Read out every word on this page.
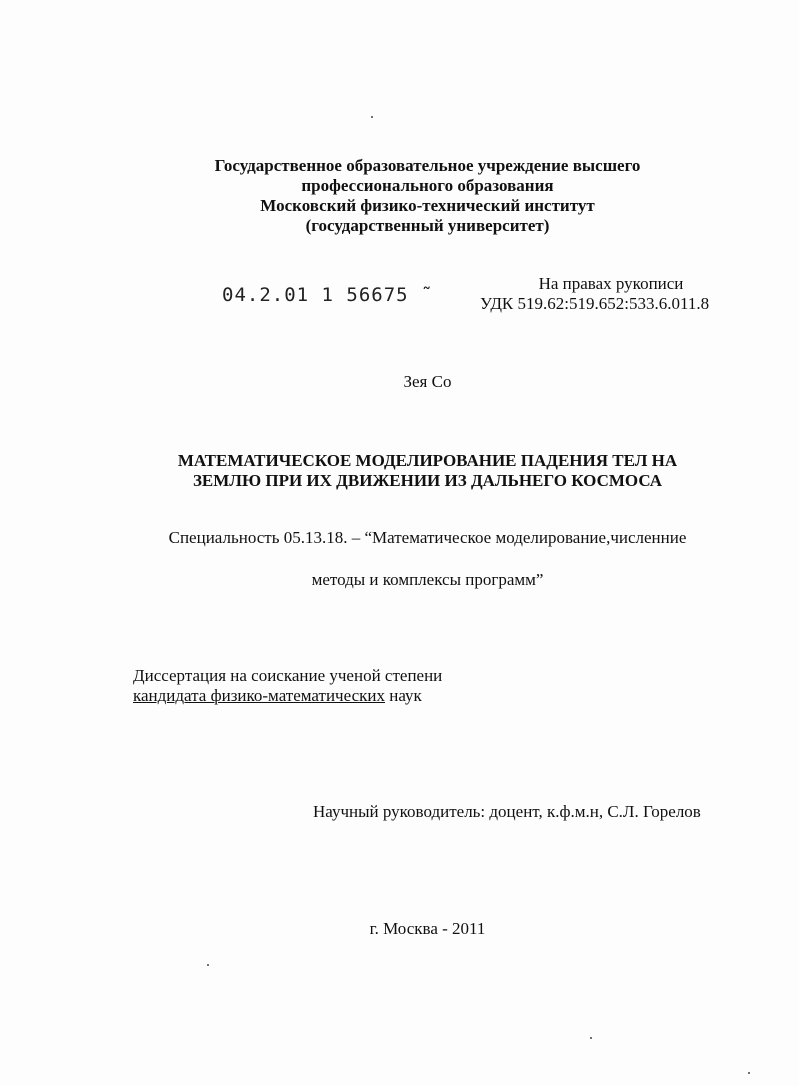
Государственное образовательное учреждение высшего
профессионального образования
Московский физико-технический институт
(государственный университет)
04.2.01 1 56675 ˜
На правах рукописи
УДК 519.62:519.652:533.6.011.8
Зея Со
МАТЕМАТИЧЕСКОЕ МОДЕЛИРОВАНИЕ ПАДЕНИЯ ТЕЛ НА
ЗЕМЛЮ ПРИ ИХ ДВИЖЕНИИ ИЗ ДАЛЬНЕГО КОСМОСА
Специальность 05.13.18. – “Математическое моделирование,численние
методы и комплексы программ”
Диссертация на соискание ученой степени
кандидата физико-математических наук
Научный руководитель: доцент, к.ф.м.н, С.Л. Горелов
г. Москва - 2011
